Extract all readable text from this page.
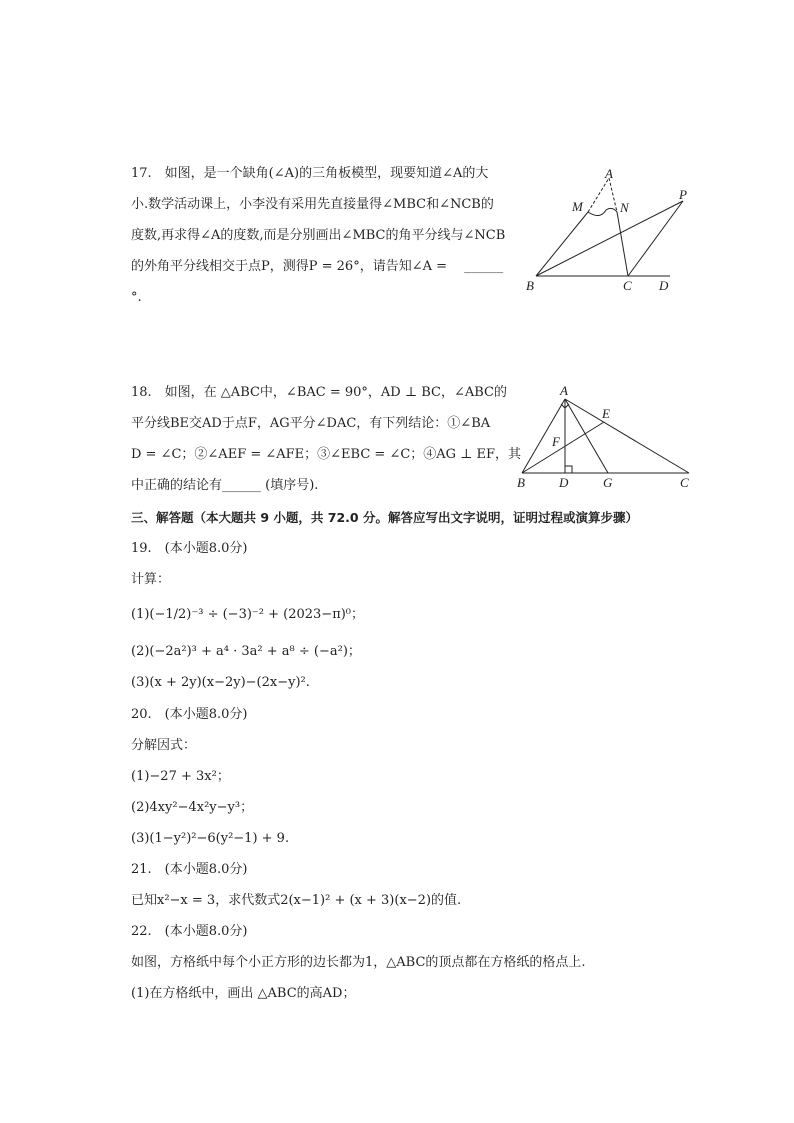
17.　如图，是一个缺角(∠A)的三角板模型，现要知道∠A的大
小.数学活动课上，小李没有采用先直接量得∠MBC和∠NCB的
度数,再求得∠A的度数,而是分别画出∠MBC的角平分线与∠NCB
的外角平分线相交于点P，测得P = 26°，请告知∠A = 　______
°.
A
M	N
P
B	C D
18.　如图，在 △ABC中，∠BAC = 90°，AD ⊥ BC，∠ABC的
平分线BE交AD于点F，AG平分∠DAC，有下列结论：①∠BA
D = ∠C；②∠AEF = ∠AFE；③∠EBC = ∠C；④AG ⊥ EF，其
中正确的结论有______ (填序号).
A
E
F
B	D	G	C
三、解答题（本大题共 9 小题，共 72.0 分。解答应写出文字说明，证明过程或演算步骤）
19.　(本小题8.0分)
计算：
(1)(−1/2)⁻³ ÷ (−3)⁻² + (2023−π)⁰；
(2)(−2a²)³ + a⁴ · 3a² + a⁸ ÷ (−a²)；
(3)(x + 2y)(x−2y)−(2x−y)².
20.　(本小题8.0分)
分解因式：
(1)−27 + 3x²；
(2)4xy²−4x²y−y³；
(3)(1−y²)²−6(y²−1) + 9.
21.　(本小题8.0分)
已知x²−x = 3，求代数式2(x−1)² + (x + 3)(x−2)的值.
22.　(本小题8.0分)
如图，方格纸中每个小正方形的边长都为1，△ABC的顶点都在方格纸的格点上.
(1)在方格纸中，画出 △ABC的高AD；
